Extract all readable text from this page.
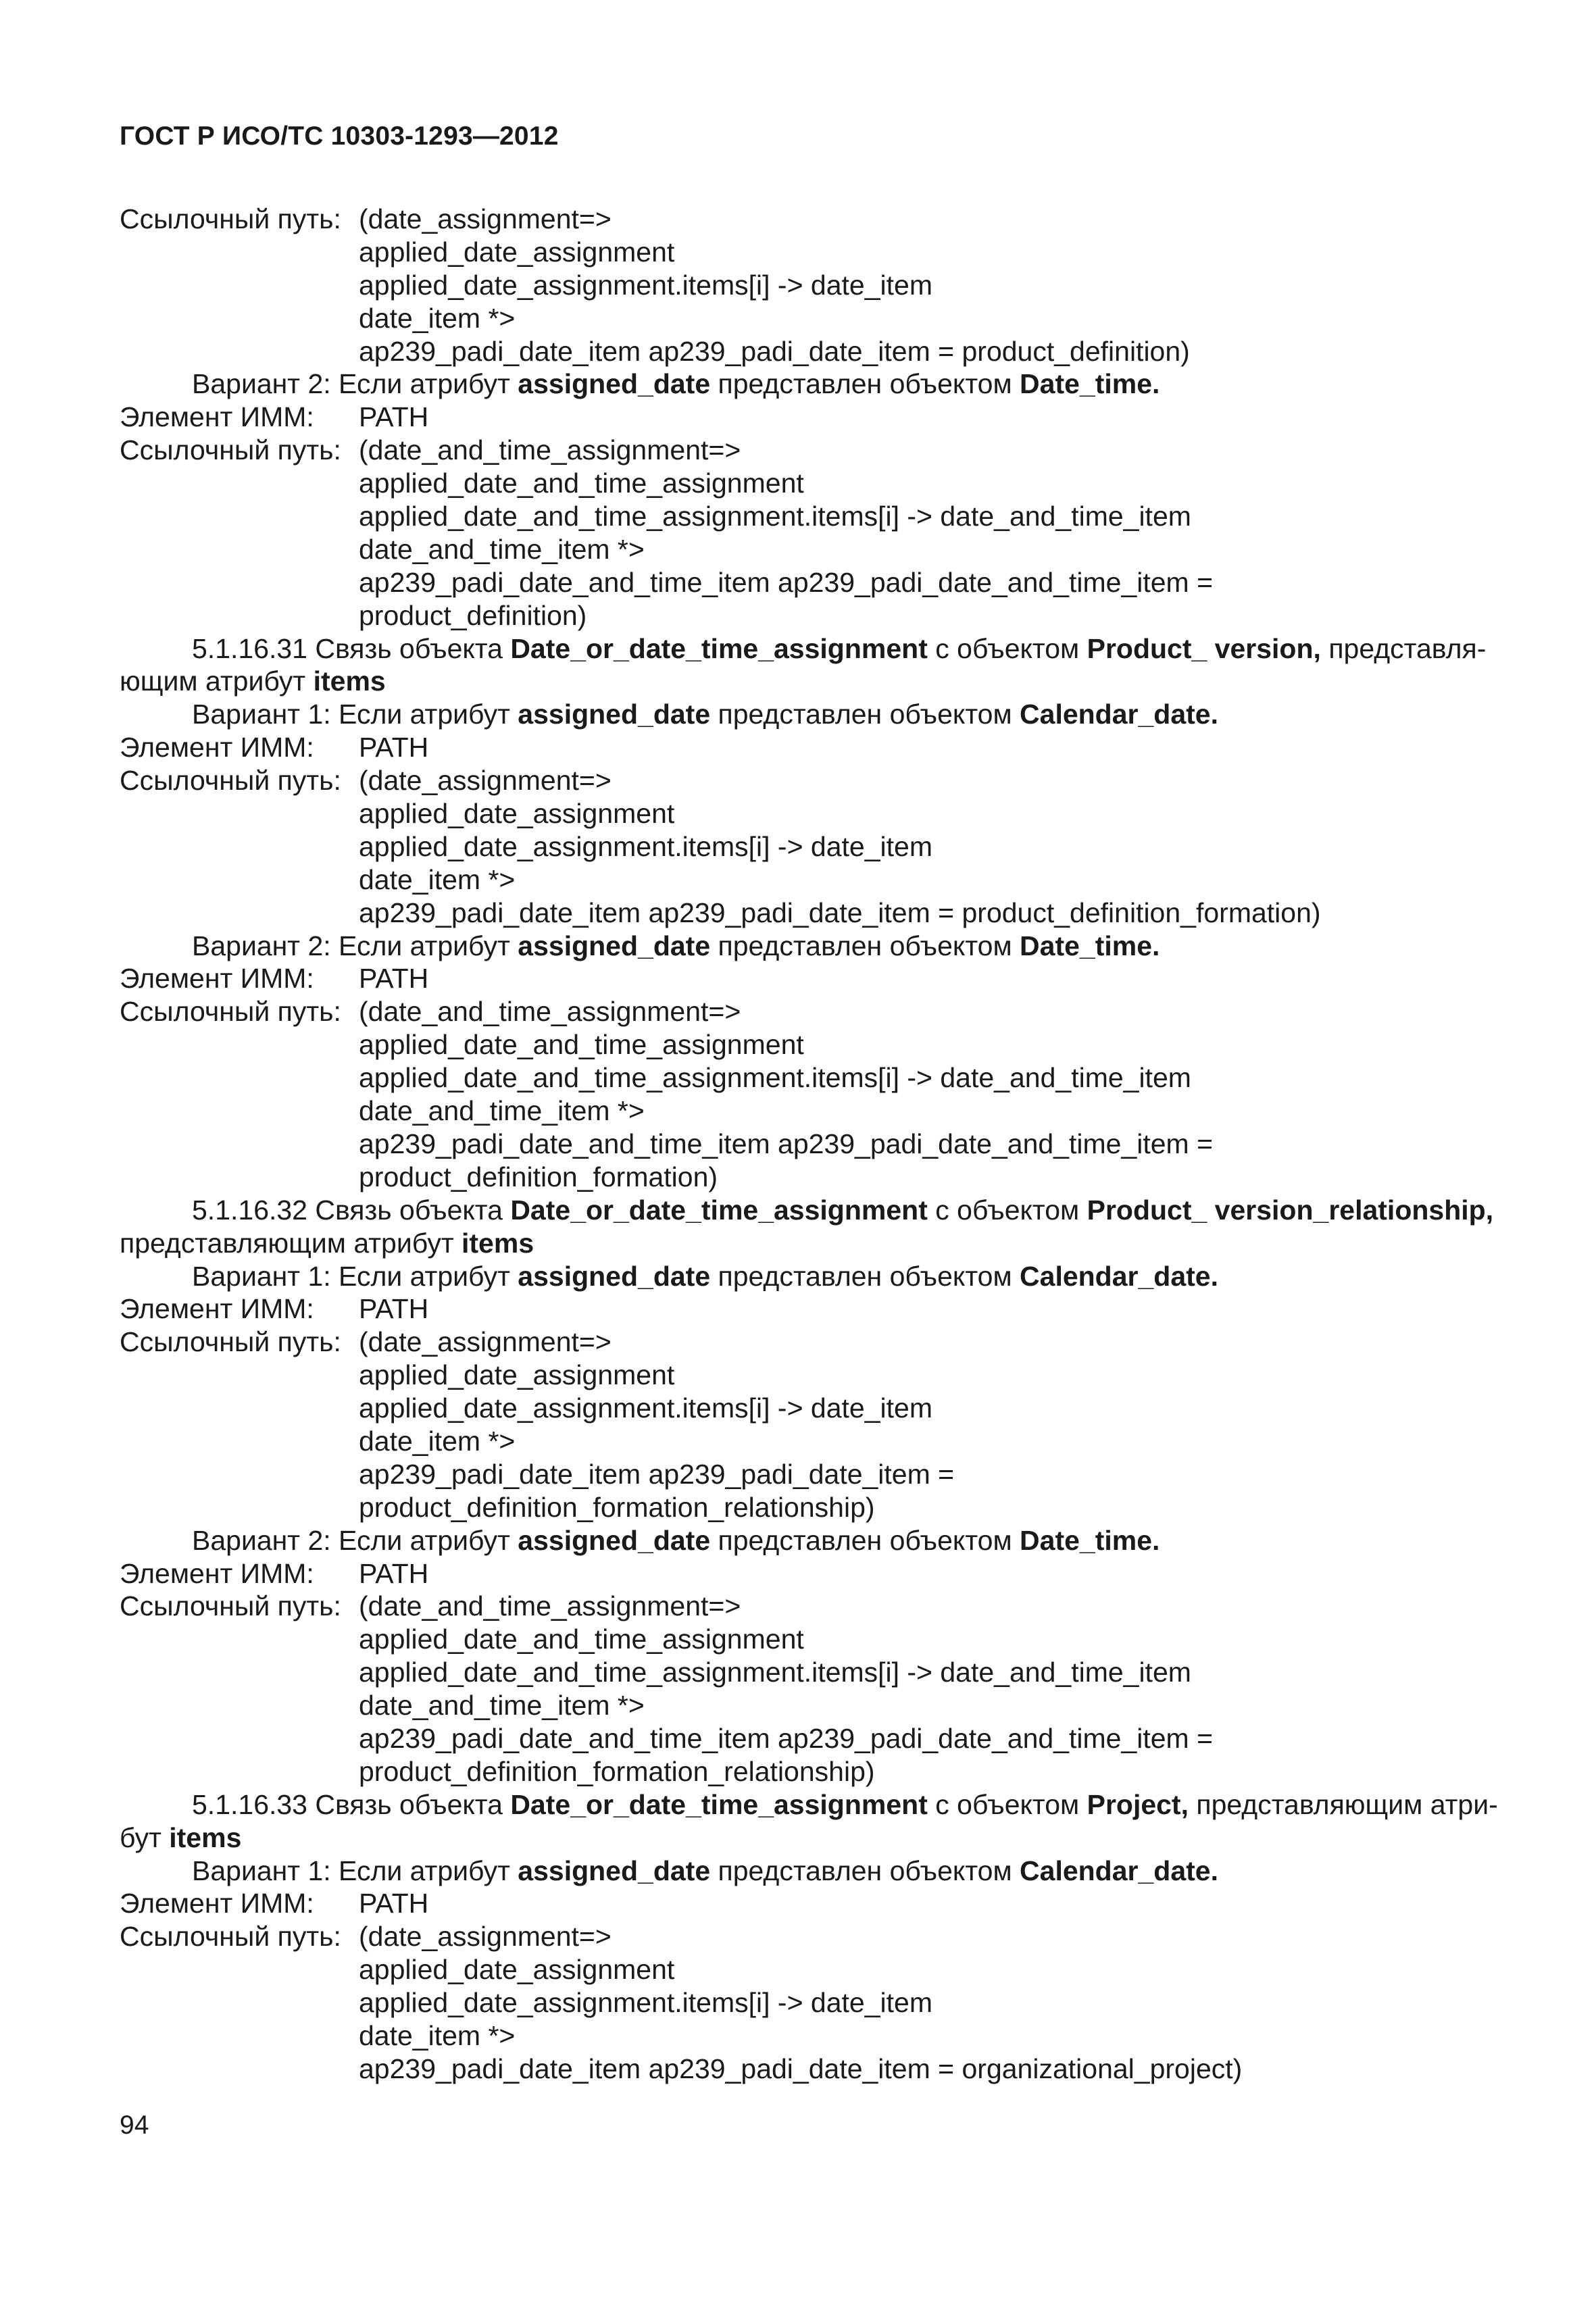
ГОСТ Р ИСО/ТС 10303-1293—2012
Ссылочный путь: (date_assignment=>
applied_date_assignment
applied_date_assignment.items[i] -> date_item
date_item *>
ap239_padi_date_item ap239_padi_date_item = product_definition)
Вариант 2: Если атрибут assigned_date представлен объектом Date_time.
Элемент ИММ:	PATH
Ссылочный путь: (date_and_time_assignment=>
applied_date_and_time_assignment
applied_date_and_time_assignment.items[i] -> date_and_time_item
date_and_time_item *>
ap239_padi_date_and_time_item ap239_padi_date_and_time_item =
product_definition)
5.1.16.31 Связь объекта Date_or_date_time_assignment с объектом Product_ version, представля-
ющим атрибут items
Вариант 1: Если атрибут assigned_date представлен объектом Calendar_date.
Элемент ИММ:	PATH
Ссылочный путь: (date_assignment=>
applied_date_assignment
applied_date_assignment.items[i] -> date_item
date_item *>
ap239_padi_date_item ap239_padi_date_item = product_definition_formation)
Вариант 2: Если атрибут assigned_date представлен объектом Date_time.
Элемент ИММ:	PATH
Ссылочный путь: (date_and_time_assignment=>
applied_date_and_time_assignment
applied_date_and_time_assignment.items[i] -> date_and_time_item
date_and_time_item *>
ap239_padi_date_and_time_item ap239_padi_date_and_time_item =
product_definition_formation)
5.1.16.32 Связь объекта Date_or_date_time_assignment с объектом Product_ version_relationship,
представляющим атрибут items
Вариант 1: Если атрибут assigned_date представлен объектом Calendar_date.
Элемент ИММ:	PATH
Ссылочный путь: (date_assignment=>
applied_date_assignment
applied_date_assignment.items[i] -> date_item
date_item *>
ap239_padi_date_item ap239_padi_date_item =
product_definition_formation_relationship)
Вариант 2: Если атрибут assigned_date представлен объектом Date_time.
Элемент ИММ:	PATH
Ссылочный путь: (date_and_time_assignment=>
applied_date_and_time_assignment
applied_date_and_time_assignment.items[i] -> date_and_time_item
date_and_time_item *>
ap239_padi_date_and_time_item ap239_padi_date_and_time_item =
product_definition_formation_relationship)
5.1.16.33 Связь объекта Date_or_date_time_assignment с объектом Project, представляющим атри-
бут items
Вариант 1: Если атрибут assigned_date представлен объектом Calendar_date.
Элемент ИММ:	PATH
Ссылочный путь: (date_assignment=>
applied_date_assignment
applied_date_assignment.items[i] -> date_item
date_item *>
ap239_padi_date_item ap239_padi_date_item = organizational_project)
94
